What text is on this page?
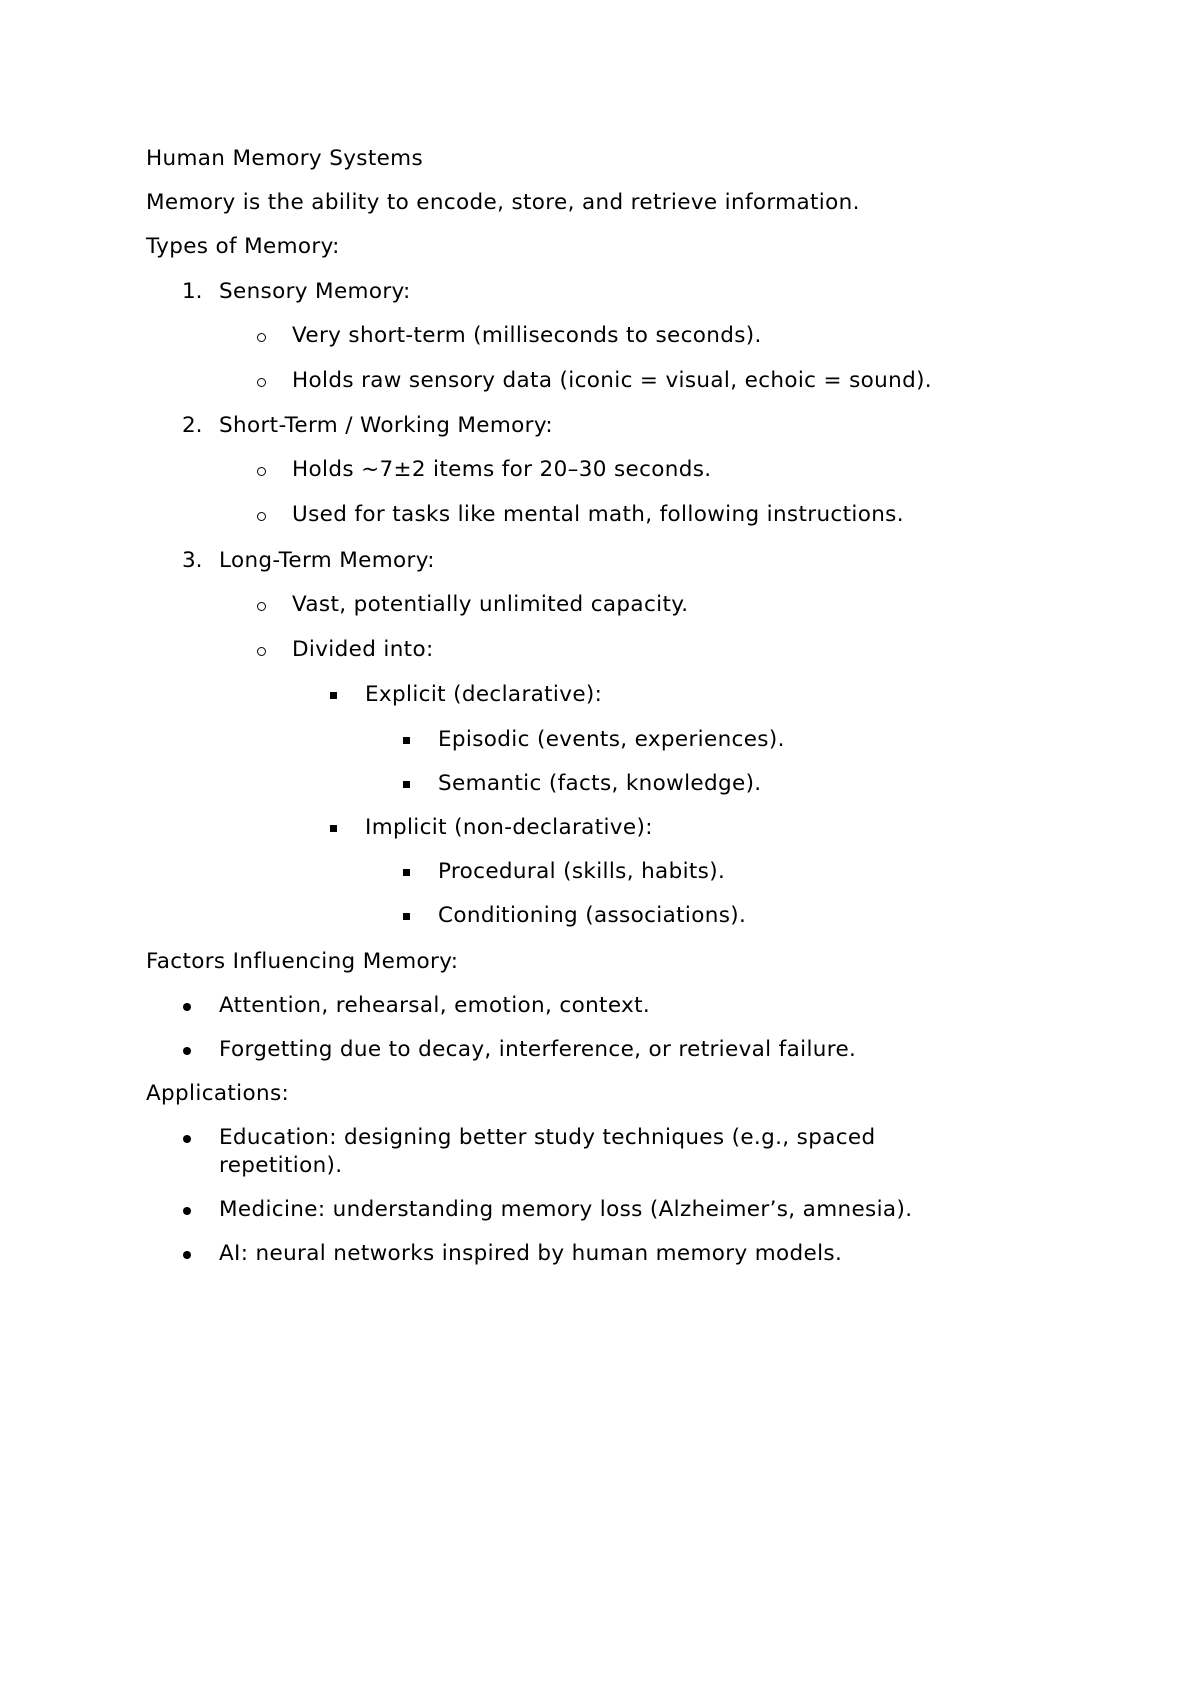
Human Memory Systems
Memory is the ability to encode, store, and retrieve information.
Types of Memory:
1. Sensory Memory:
Very short-term (milliseconds to seconds).
Holds raw sensory data (iconic = visual, echoic = sound).
2. Short-Term / Working Memory:
Holds ~7±2 items for 20–30 seconds.
Used for tasks like mental math, following instructions.
3. Long-Term Memory:
Vast, potentially unlimited capacity.
Divided into:
Explicit (declarative):
Episodic (events, experiences).
Semantic (facts, knowledge).
Implicit (non-declarative):
Procedural (skills, habits).
Conditioning (associations).
Factors Influencing Memory:
Attention, rehearsal, emotion, context.
Forgetting due to decay, interference, or retrieval failure.
Applications:
Education: designing better study techniques (e.g., spaced
repetition).
Medicine: understanding memory loss (Alzheimer’s, amnesia).
AI: neural networks inspired by human memory models.
